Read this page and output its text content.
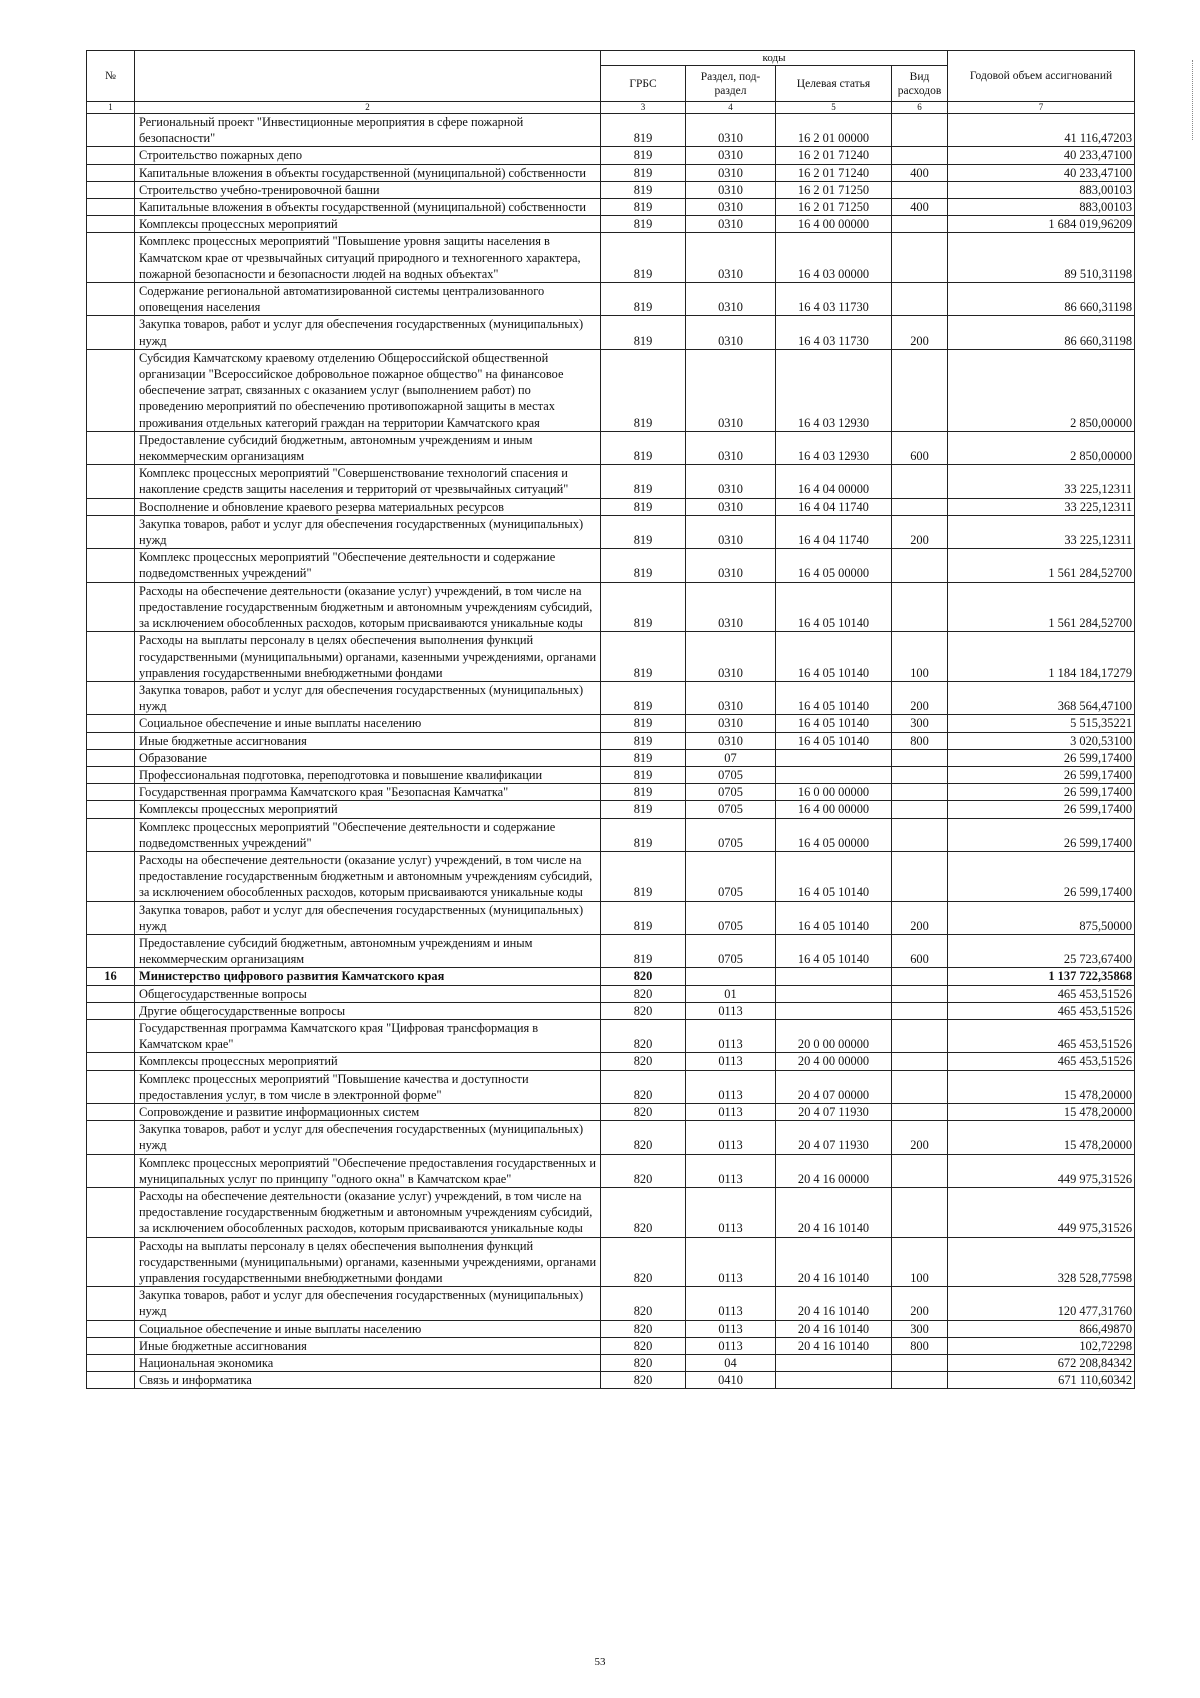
№		коды				Годовой объем ассигнований
		ГРБС	Раздел, под-раздел	Целевая статья	Вид расходов	
1	2	3	4	5	6	7
	Региональный проект "Инвестиционные мероприятия в сфере пожарной безопасности"	819	0310	16 2 01 00000		41 116,47203
	Строительство пожарных депо	819	0310	16 2 01 71240		40 233,47100
	Капитальные вложения в объекты государственной (муниципальной) собственности	819	0310	16 2 01 71240	400	40 233,47100
	Строительство учебно-тренировочной башни	819	0310	16 2 01 71250		883,00103
	Капитальные вложения в объекты государственной (муниципальной) собственности	819	0310	16 2 01 71250	400	883,00103
	Комплексы процессных мероприятий	819	0310	16 4 00 00000		1 684 019,96209
	Комплекс процессных мероприятий "Повышение уровня защиты населения в Камчатском крае от чрезвычайных ситуаций природного и техногенного характера, пожарной безопасности и безопасности людей на водных объектах"	819	0310	16 4 03 00000		89 510,31198
	Содержание региональной автоматизированной системы централизованного оповещения населения	819	0310	16 4 03 11730		86 660,31198
	Закупка товаров, работ и услуг для обеспечения государственных (муниципальных) нужд	819	0310	16 4 03 11730	200	86 660,31198
	Субсидия Камчатскому краевому отделению Общероссийской общественной организации "Всероссийское добровольное пожарное общество" на финансовое обеспечение затрат, связанных с оказанием услуг (выполнением работ) по проведению мероприятий по обеспечению противопожарной защиты в местах проживания отдельных категорий граждан на территории Камчатского края	819	0310	16 4 03 12930		2 850,00000
	Предоставление субсидий бюджетным, автономным учреждениям и иным некоммерческим организациям	819	0310	16 4 03 12930	600	2 850,00000
	Комплекс процессных мероприятий "Совершенствование технологий спасения и накопление средств защиты населения и территорий от чрезвычайных ситуаций"	819	0310	16 4 04 00000		33 225,12311
	Восполнение и обновление краевого резерва материальных ресурсов	819	0310	16 4 04 11740		33 225,12311
	Закупка товаров, работ и услуг для обеспечения государственных (муниципальных) нужд	819	0310	16 4 04 11740	200	33 225,12311
	Комплекс процессных мероприятий "Обеспечение деятельности и содержание подведомственных учреждений"	819	0310	16 4 05 00000		1 561 284,52700
	Расходы на обеспечение деятельности (оказание услуг) учреждений, в том числе на предоставление государственным бюджетным и автономным учреждениям субсидий, за исключением обособленных расходов, которым присваиваются уникальные коды	819	0310	16 4 05 10140		1 561 284,52700
	Расходы на выплаты персоналу в целях обеспечения выполнения функций государственными (муниципальными) органами, казенными учреждениями, органами управления государственными внебюджетными фондами	819	0310	16 4 05 10140	100	1 184 184,17279
	Закупка товаров, работ и услуг для обеспечения государственных (муниципальных) нужд	819	0310	16 4 05 10140	200	368 564,47100
	Социальное обеспечение и иные выплаты населению	819	0310	16 4 05 10140	300	5 515,35221
	Иные бюджетные ассигнования	819	0310	16 4 05 10140	800	3 020,53100
	Образование	819	07			26 599,17400
	Профессиональная подготовка, переподготовка и повышение квалификации	819	0705			26 599,17400
	Государственная программа Камчатского края "Безопасная Камчатка"	819	0705	16 0 00 00000		26 599,17400
	Комплексы процессных мероприятий	819	0705	16 4 00 00000		26 599,17400
	Комплекс процессных мероприятий "Обеспечение деятельности и содержание подведомственных учреждений"	819	0705	16 4 05 00000		26 599,17400
	Расходы на обеспечение деятельности (оказание услуг) учреждений, в том числе на предоставление государственным бюджетным и автономным учреждениям субсидий, за исключением обособленных расходов, которым присваиваются уникальные коды	819	0705	16 4 05 10140		26 599,17400
	Закупка товаров, работ и услуг для обеспечения государственных (муниципальных) нужд	819	0705	16 4 05 10140	200	875,50000
	Предоставление субсидий бюджетным, автономным учреждениям и иным некоммерческим организациям	819	0705	16 4 05 10140	600	25 723,67400
16	Министерство цифрового развития Камчатского края	820				1 137 722,35868
	Общегосударственные вопросы	820	01			465 453,51526
	Другие общегосударственные вопросы	820	0113			465 453,51526
	Государственная программа Камчатского края "Цифровая трансформация в Камчатском крае"	820	0113	20 0 00 00000		465 453,51526
	Комплексы процессных мероприятий	820	0113	20 4 00 00000		465 453,51526
	Комплекс процессных мероприятий "Повышение качества и доступности предоставления услуг, в том числе в электронной форме"	820	0113	20 4 07 00000		15 478,20000
	Сопровождение и развитие информационных систем	820	0113	20 4 07 11930		15 478,20000
	Закупка товаров, работ и услуг для обеспечения государственных (муниципальных) нужд	820	0113	20 4 07 11930	200	15 478,20000
	Комплекс процессных мероприятий "Обеспечение предоставления государственных и муниципальных услуг по принципу "одного окна" в Камчатском крае"	820	0113	20 4 16 00000		449 975,31526
	Расходы на обеспечение деятельности (оказание услуг) учреждений, в том числе на предоставление государственным бюджетным и автономным учреждениям субсидий, за исключением обособленных расходов, которым присваиваются уникальные коды	820	0113	20 4 16 10140		449 975,31526
	Расходы на выплаты персоналу в целях обеспечения выполнения функций государственными (муниципальными) органами, казенными учреждениями, органами управления государственными внебюджетными фондами	820	0113	20 4 16 10140	100	328 528,77598
	Закупка товаров, работ и услуг для обеспечения государственных (муниципальных) нужд	820	0113	20 4 16 10140	200	120 477,31760
	Социальное обеспечение и иные выплаты населению	820	0113	20 4 16 10140	300	866,49870
	Иные бюджетные ассигнования	820	0113	20 4 16 10140	800	102,72298
	Национальная экономика	820	04			672 208,84342
	Связь и информатика	820	0410			671 110,60342
53
